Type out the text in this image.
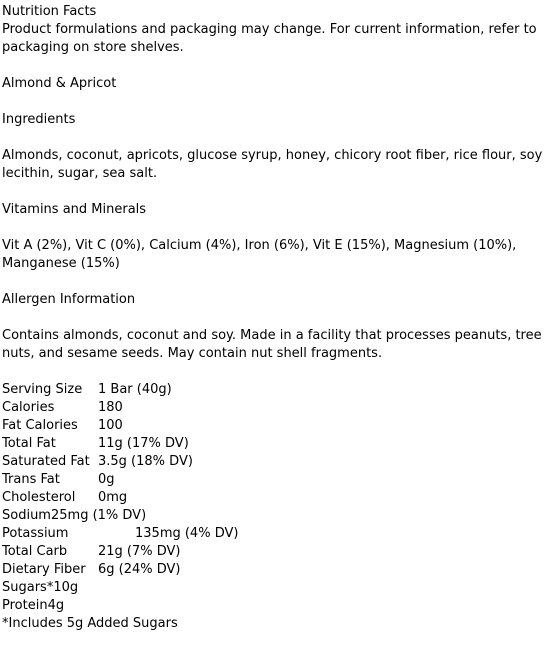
Nutrition Facts
Product formulations and packaging may change. For current information, refer to packaging on store shelves.
Almond & Apricot
Ingredients
Almonds, coconut, apricots, glucose syrup, honey, chicory root fiber, rice flour, soy lecithin, sugar, sea salt.
Vitamins and Minerals
Vit A (2%), Vit C (0%), Calcium (4%), Iron (6%), Vit E (15%), Magnesium (10%), Manganese (15%)
Allergen Information
Contains almonds, coconut and soy. Made in a facility that processes peanuts, tree nuts, and sesame seeds. May contain nut shell fragments.
Serving Size	1 Bar (40g)
Calories	180
Fat Calories	100
Total Fat	11g (17% DV)
Saturated Fat 3.5g (18% DV)
Trans Fat	0g
Cholesterol	0mg
Sodium 25mg (1% DV)
Potassium	135mg (4% DV)
Total Carb	21g (7% DV)
Dietary Fiber 6g (24% DV)
Sugars* 10g
Protein 4g
*Includes 5g Added Sugars
